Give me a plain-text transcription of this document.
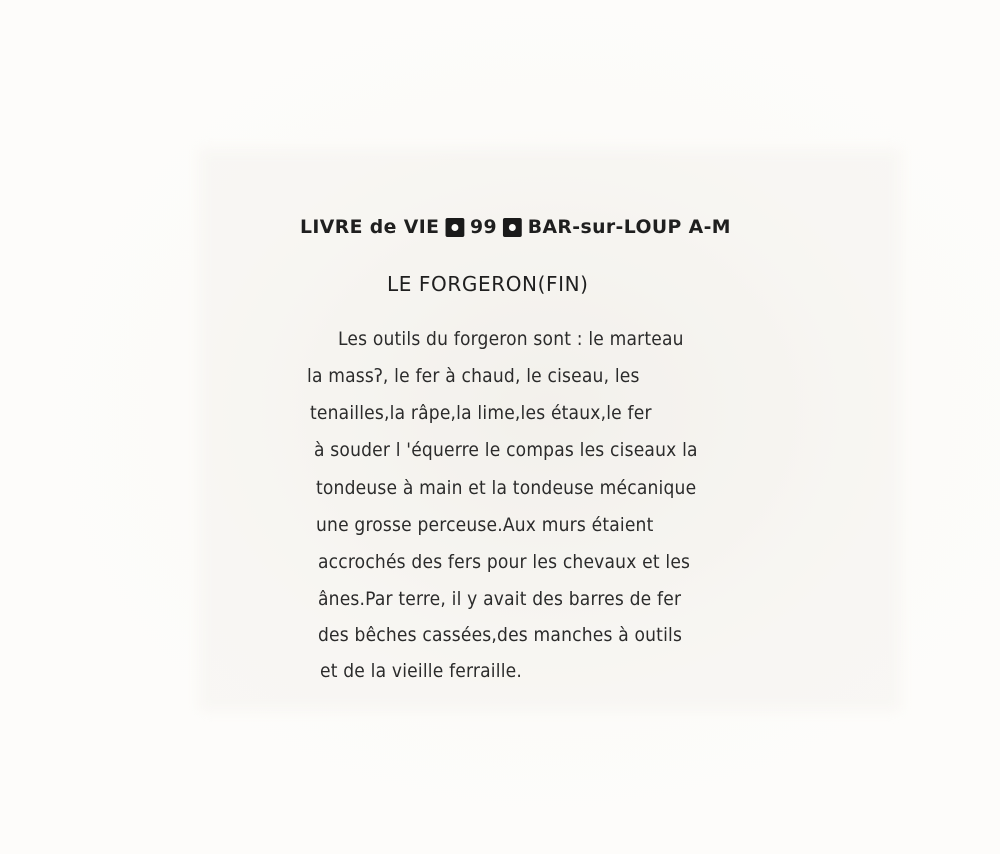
LIVRE de VIE 99 BAR-sur-LOUP A-M
LE FORGERON(FIN)
Les outils du forgeron sont : le marteau
la massʔ, le fer à chaud, le ciseau, les
tenailles,la râpe,la lime,les étaux,le fer
à souder l 'équerre le compas les ciseaux la
tondeuse à main et la tondeuse mécanique
une grosse perceuse.Aux murs étaient
accrochés des fers pour les chevaux et les
ânes.Par terre, il y avait des barres de fer
des bêches cassées,des manches à outils
et de la vieille ferraille.
